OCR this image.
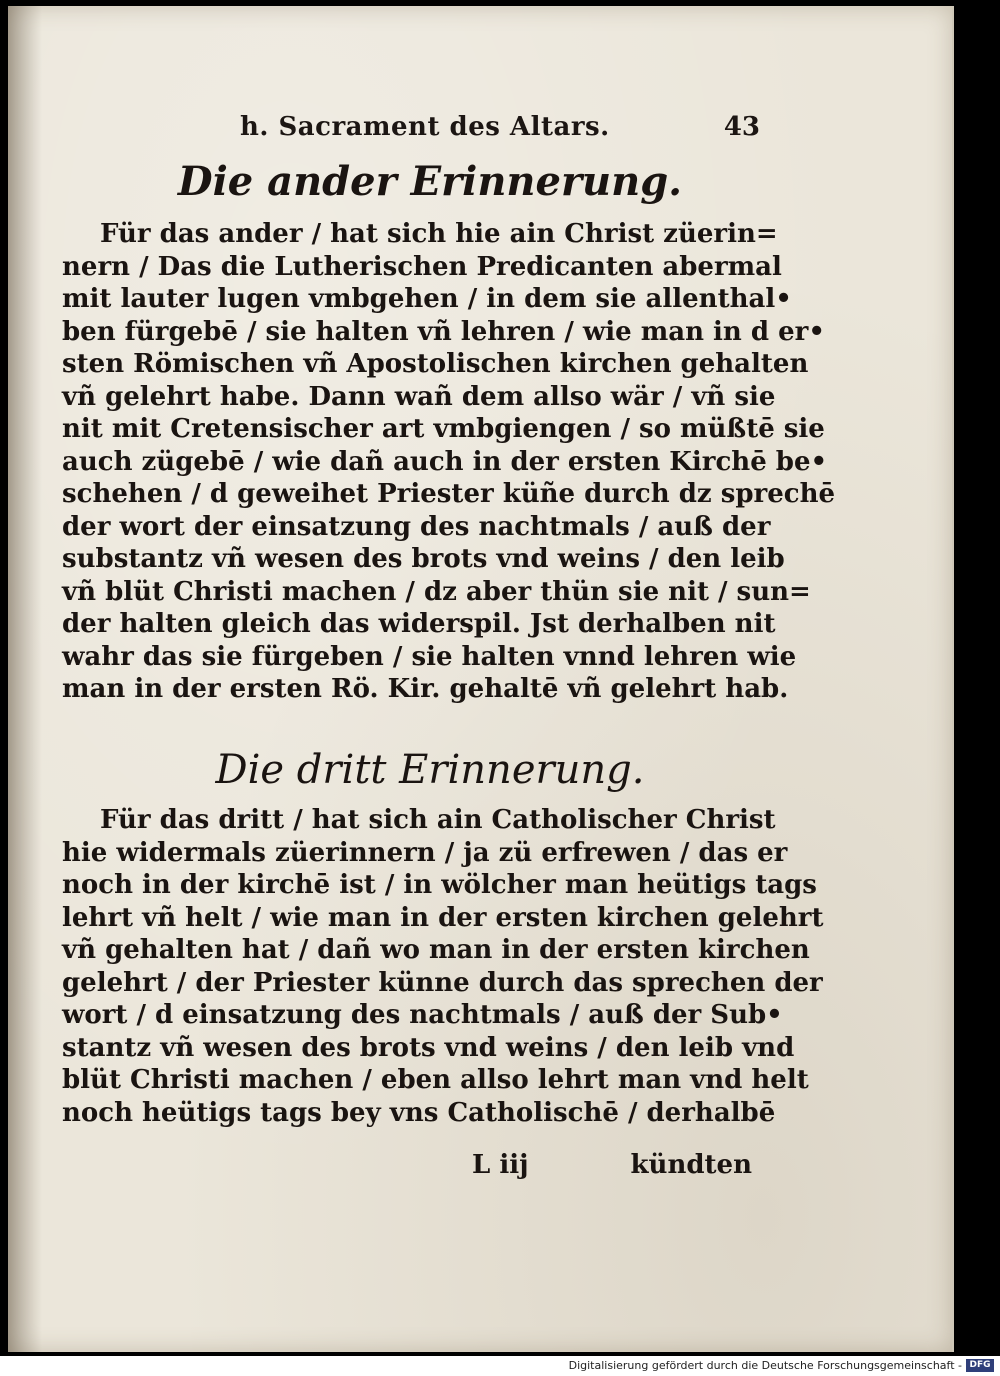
h. Sacrament des Altars.	43
Die ander Erinnerung.
Für das ander / hat sich hie ain Christ züerin=
nern / Das die Lutherischen Predicanten abermal
mit lauter lugen vmbgehen / in dem sie allenthal•
ben fürgebē / sie halten vñ lehren / wie man in d er•
sten Römischen vñ Apostolischen kirchen gehalten
vñ gelehrt habe. Dann wañ dem allso wär / vñ sie
nit mit Cretensischer art vmbgiengen / so müßtē sie
auch zügebē / wie dañ auch in der ersten Kirchē be•
schehen / d geweihet Priester küñe durch dz sprechē
der wort der einsatzung des nachtmals / auß der
substantz vñ wesen des brots vnd weins / den leib
vñ blüt Christi machen / dz aber thün sie nit / sun=
der halten gleich das widerspil. Jst derhalben nit
wahr das sie fürgeben / sie halten vnnd lehren wie
man in der ersten Rö. Kir. gehaltē vñ gelehrt hab.
Die dritt Erinnerung.
Für das dritt / hat sich ain Catholischer Christ
hie widermals züerinnern / ja zü erfrewen / das er
noch in der kirchē ist / in wölcher man heütigs tags
lehrt vñ helt / wie man in der ersten kirchen gelehrt
vñ gehalten hat / dañ wo man in der ersten kirchen
gelehrt / der Priester künne durch das sprechen der
wort / d einsatzung des nachtmals / auß der Sub•
stantz vñ wesen des brots vnd weins / den leib vnd
blüt Christi machen / eben allso lehrt man vnd helt
noch heütigs tags bey vns Catholischē / derhalbē
L iij	kündten
Digitalisierung gefördert durch die Deutsche Forschungsgemeinschaft - DFG
